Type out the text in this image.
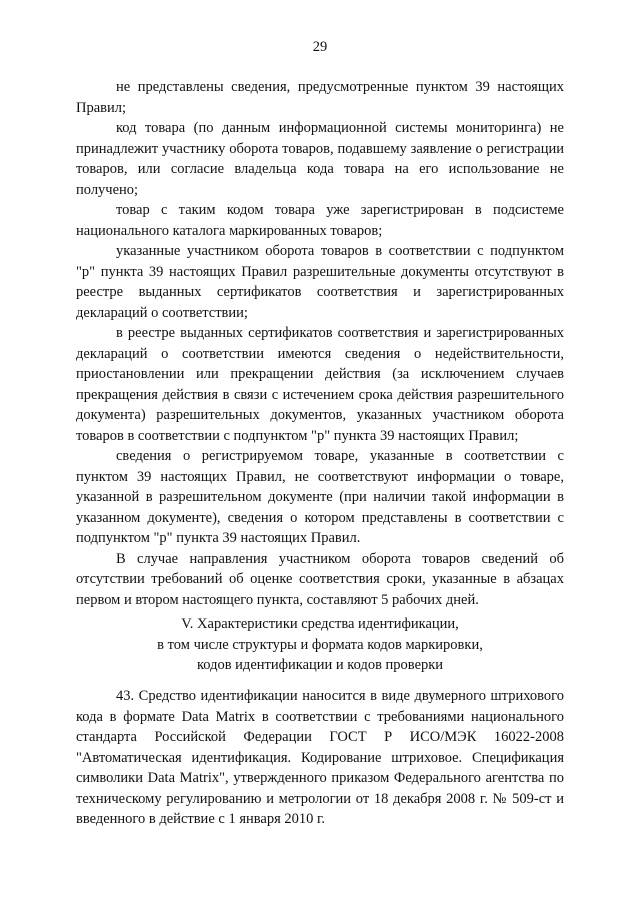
29

не представлены сведения, предусмотренные пунктом 39 настоящих Правил;

код товара (по данным информационной системы мониторинга) не принадлежит участнику оборота товаров, подавшему заявление о регистрации товаров, или согласие владельца кода товара на его использование не получено;

товар с таким кодом товара уже зарегистрирован в подсистеме национального каталога маркированных товаров;

указанные участником оборота товаров в соответствии с подпунктом "р" пункта 39 настоящих Правил разрешительные документы отсутствуют в реестре выданных сертификатов соответствия и зарегистрированных деклараций о соответствии;

в реестре выданных сертификатов соответствия и зарегистрированных деклараций о соответствии имеются сведения о недействительности, приостановлении или прекращении действия (за исключением случаев прекращения действия в связи с истечением срока действия разрешительного документа) разрешительных документов, указанных участником оборота товаров в соответствии с подпунктом "р" пункта 39 настоящих Правил;

сведения о регистрируемом товаре, указанные в соответствии с пунктом 39 настоящих Правил, не соответствуют информации о товаре, указанной в разрешительном документе (при наличии такой информации в указанном документе), сведения о котором представлены в соответствии с подпунктом "р" пункта 39 настоящих Правил.

В случае направления участником оборота товаров сведений об отсутствии требований об оценке соответствия сроки, указанные в абзацах первом и втором настоящего пункта, составляют 5 рабочих дней.

V. Характеристики средства идентификации,
в том числе структуры и формата кодов маркировки,
кодов идентификации и кодов проверки

43. Средство идентификации наносится в виде двумерного штрихового кода в формате Data Matrix в соответствии с требованиями национального стандарта Российской Федерации ГОСТ Р ИСО/МЭК 16022-2008 "Автоматическая идентификация. Кодирование штриховое. Спецификация символики Data Matrix", утвержденного приказом Федерального агентства по техническому регулированию и метрологии от 18 декабря 2008 г. № 509-ст и введенного в действие с 1 января 2010 г.
